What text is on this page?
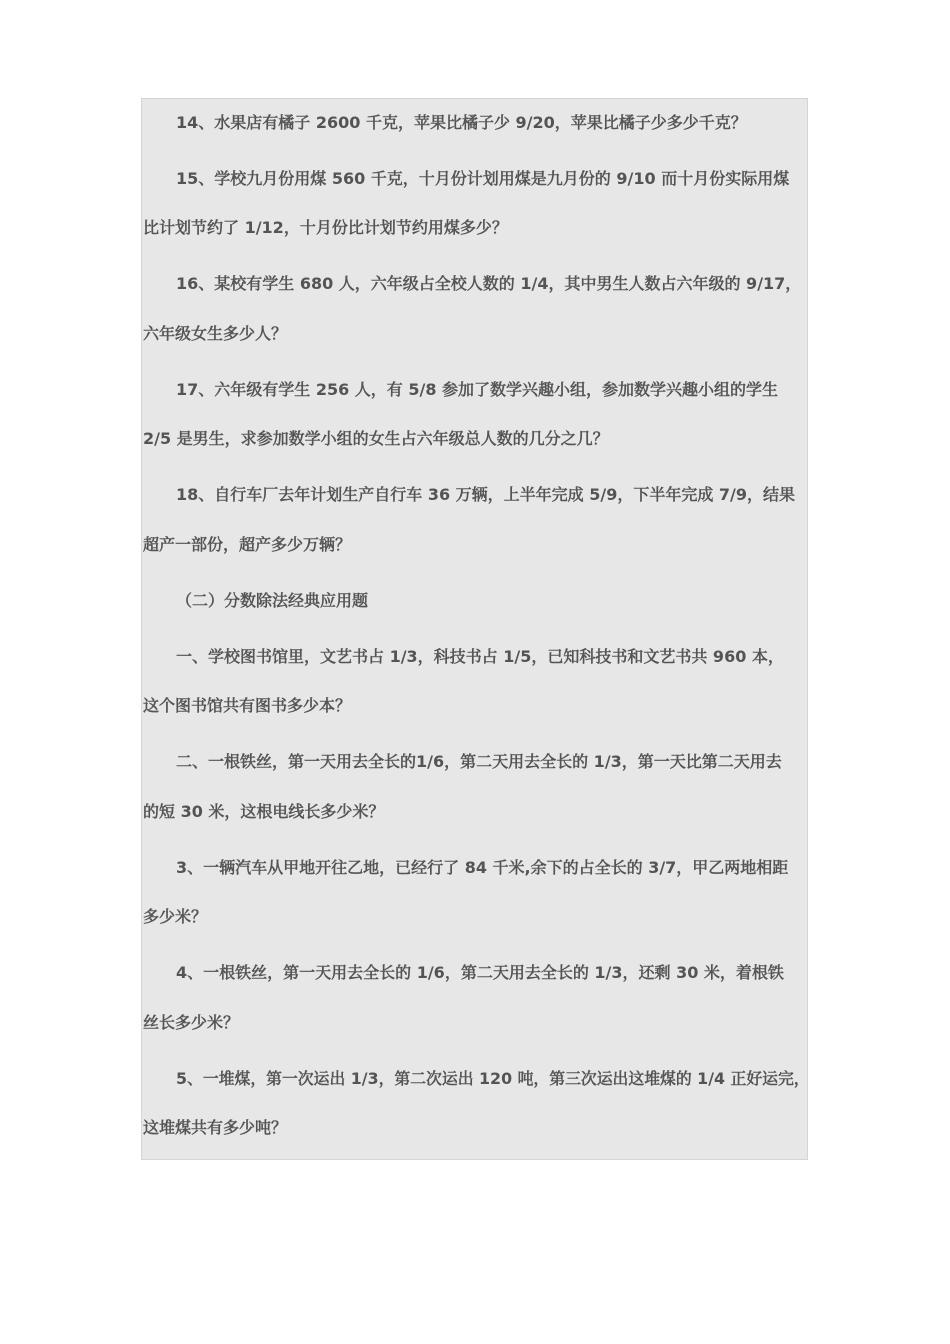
14、水果店有橘子 2600 千克，苹果比橘子少 9/20，苹果比橘子少多少千克？
15、学校九月份用煤 560 千克，十月份计划用煤是九月份的 9/10 而十月份实际用煤
比计划节约了 1/12，十月份比计划节约用煤多少？
16、某校有学生 680 人，六年级占全校人数的 1/4，其中男生人数占六年级的 9/17，
六年级女生多少人？
17、六年级有学生 256 人，有 5/8 参加了数学兴趣小组，参加数学兴趣小组的学生
2/5 是男生，求参加数学小组的女生占六年级总人数的几分之几？
18、自行车厂去年计划生产自行车 36 万辆，上半年完成 5/9，下半年完成 7/9，结果
超产一部份，超产多少万辆？
（二）分数除法经典应用题
一、学校图书馆里，文艺书占 1/3，科技书占 1/5，已知科技书和文艺书共 960 本，
这个图书馆共有图书多少本？
二、一根铁丝，第一天用去全长的1/6，第二天用去全长的 1/3，第一天比第二天用去
的短 30 米，这根电线长多少米？
3、一辆汽车从甲地开往乙地，已经行了 84 千米,余下的占全长的 3/7，甲乙两地相距
多少米？
4、一根铁丝，第一天用去全长的 1/6，第二天用去全长的 1/3，还剩 30 米，着根铁
丝长多少米？
5、一堆煤，第一次运出 1/3，第二次运出 120 吨，第三次运出这堆煤的 1/4 正好运完，
这堆煤共有多少吨？
